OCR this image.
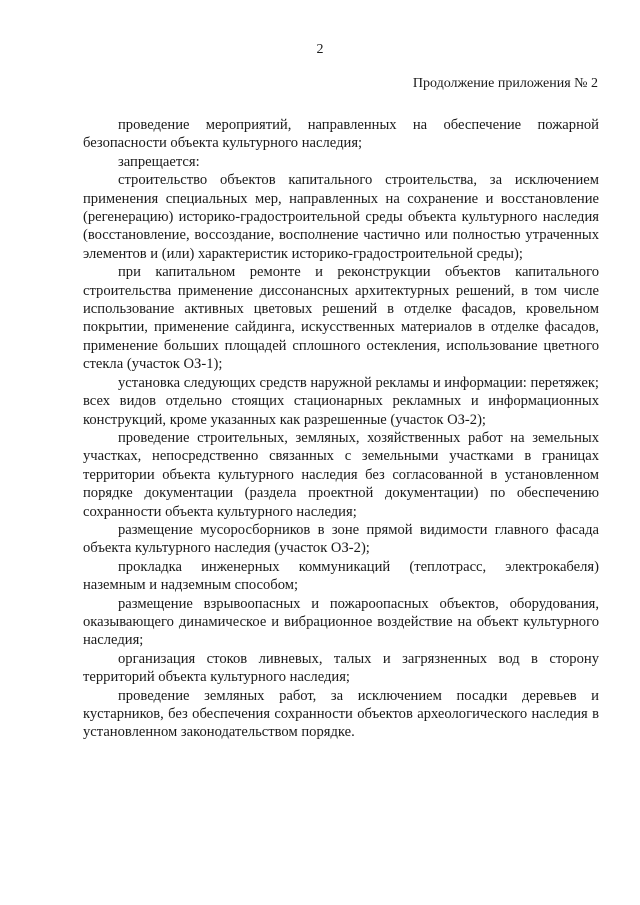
2
Продолжение приложения № 2

проведение мероприятий, направленных на обеспечение пожарной безопасности объекта культурного наследия;

запрещается:

строительство объектов капитального строительства, за исключением применения специальных мер, направленных на сохранение и восстановление (регенерацию) историко-градостроительной среды объекта культурного наследия (восстановление, воссоздание, восполнение частично или полностью утраченных элементов и (или) характеристик историко-градостроительной среды);

при капитальном ремонте и реконструкции объектов капитального строительства применение диссонансных архитектурных решений, в том числе использование активных цветовых решений в отделке фасадов, кровельном покрытии, применение сайдинга, искусственных материалов в отделке фасадов, применение больших площадей сплошного остекления, использование цветного стекла (участок ОЗ-1);

установка следующих средств наружной рекламы и информации: перетяжек; всех видов отдельно стоящих стационарных рекламных и информационных конструкций, кроме указанных как разрешенные (участок ОЗ-2);

проведение строительных, земляных, хозяйственных работ на земельных участках, непосредственно связанных с земельными участками в границах территории объекта культурного наследия без согласованной в установленном порядке документации (раздела проектной документации) по обеспечению сохранности объекта культурного наследия;

размещение мусоросборников в зоне прямой видимости главного фасада объекта культурного наследия (участок ОЗ-2);

прокладка инженерных коммуникаций (теплотрасс, электрокабеля) наземным и надземным способом;

размещение взрывоопасных и пожароопасных объектов, оборудования, оказывающего динамическое и вибрационное воздействие на объект культурного наследия;

организация стоков ливневых, талых и загрязненных вод в сторону территорий объекта культурного наследия;

проведение земляных работ, за исключением посадки деревьев и кустарников, без обеспечения сохранности объектов археологического наследия в установленном законодательством порядке.
